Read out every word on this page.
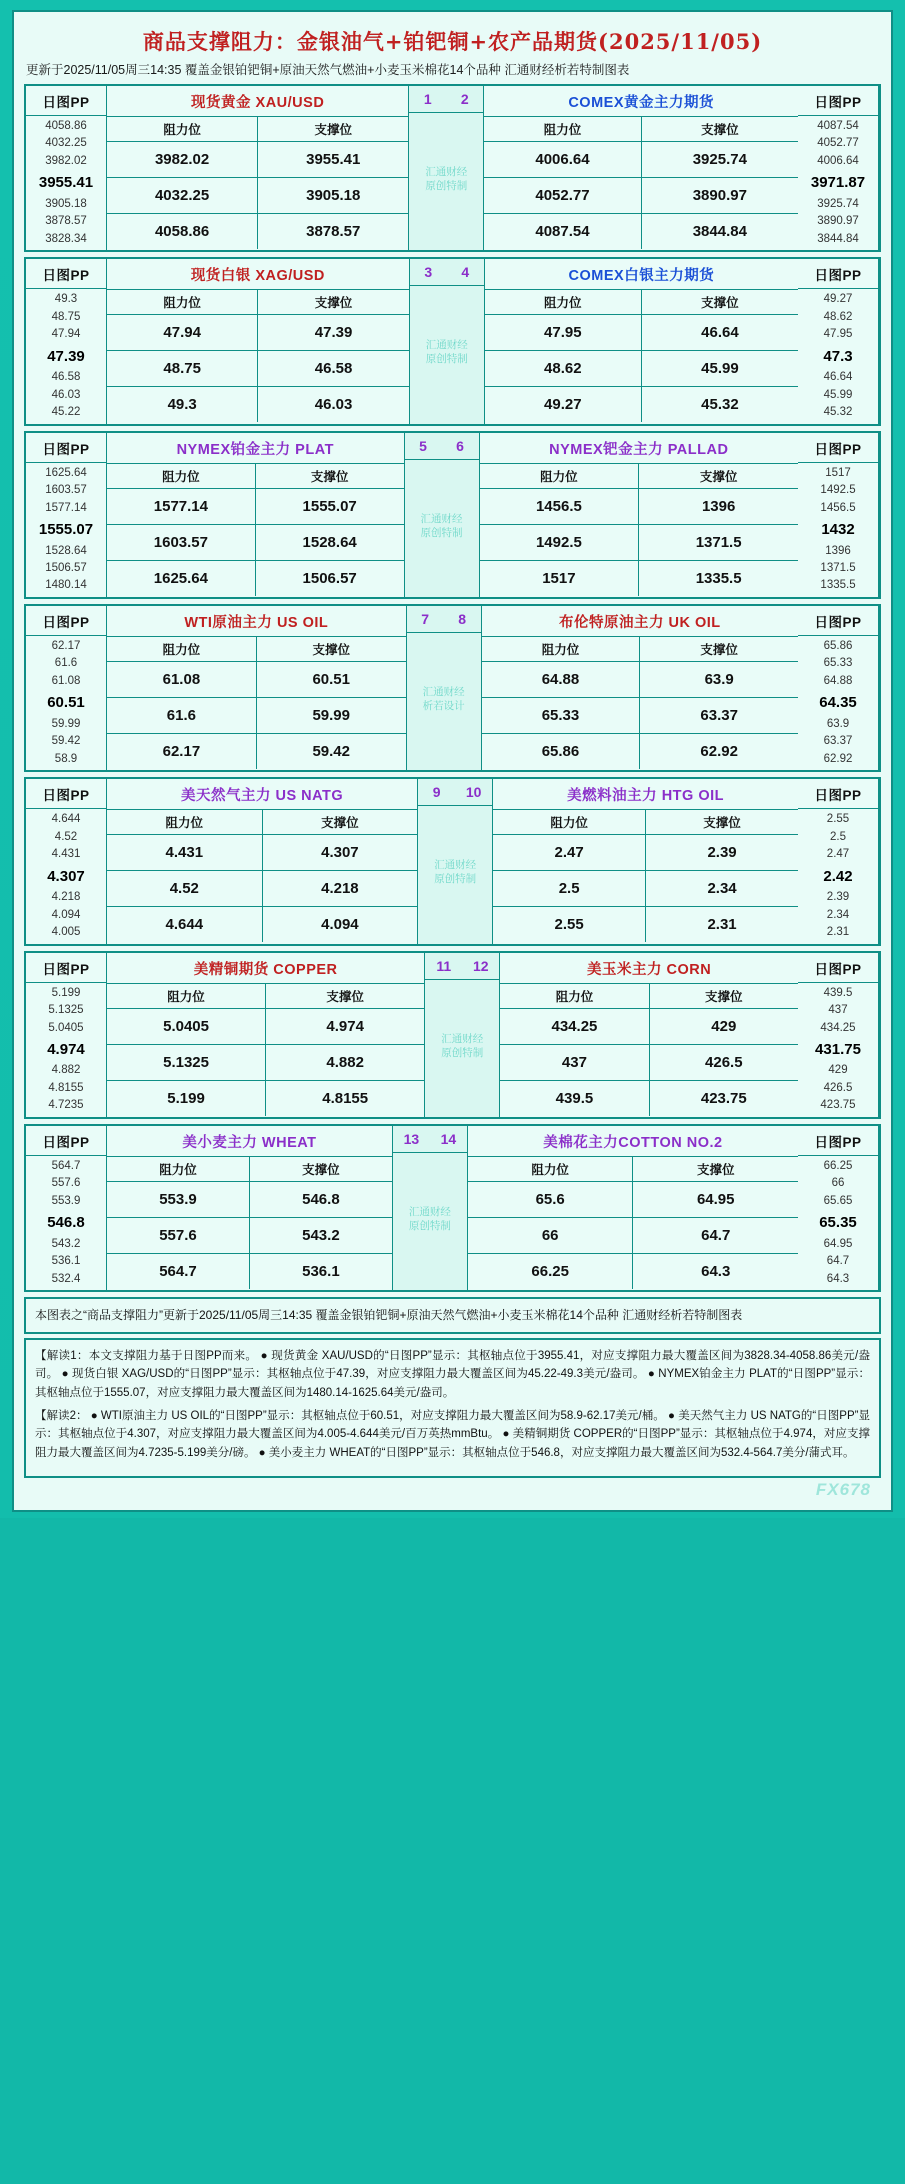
商品支撑阻力：金银油气+铂钯铜+农产品期货(2025/11/05)
更新于2025/11/05周三14:35 覆盖金银铂钯铜+原油天然气燃油+小麦玉米棉花14个品种 汇通财经析若特制图表
日图PP
4058.86
4032.25
3982.02
3955.41
3905.18
3878.57
3828.34
现货黄金 XAU/USD
阻力位	支撑位
3982.02	3955.41
4032.25	3905.18
4058.86	3878.57
1	2
汇通财经
原创特制
COMEX黄金主力期货
阻力位	支撑位
4006.64	3925.74
4052.77	3890.97
4087.54	3844.84
日图PP
4087.54
4052.77
4006.64
3971.87
3925.74
3890.97
3844.84
日图PP
49.3
48.75
47.94
47.39
46.58
46.03
45.22
现货白银 XAG/USD
阻力位	支撑位
47.94	47.39
48.75	46.58
49.3	46.03
3	4
汇通财经
原创特制
COMEX白银主力期货
阻力位	支撑位
47.95	46.64
48.62	45.99
49.27	45.32
日图PP
49.27
48.62
47.95
47.3
46.64
45.99
45.32
日图PP
1625.64
1603.57
1577.14
1555.07
1528.64
1506.57
1480.14
NYMEX铂金主力 PLAT
阻力位	支撑位
1577.14	1555.07
1603.57	1528.64
1625.64	1506.57
5	6
汇通财经
原创特制
NYMEX钯金主力 PALLAD
阻力位	支撑位
1456.5	1396
1492.5	1371.5
1517	1335.5
日图PP
1517
1492.5
1456.5
1432
1396
1371.5
1335.5
日图PP
62.17
61.6
61.08
60.51
59.99
59.42
58.9
WTI原油主力 US OIL
阻力位	支撑位
61.08	60.51
61.6	59.99
62.17	59.42
7	8
汇通财经
析若设计
布伦特原油主力 UK OIL
阻力位	支撑位
64.88	63.9
65.33	63.37
65.86	62.92
日图PP
65.86
65.33
64.88
64.35
63.9
63.37
62.92
日图PP
4.644
4.52
4.431
4.307
4.218
4.094
4.005
美天然气主力 US NATG
阻力位	支撑位
4.431	4.307
4.52	4.218
4.644	4.094
9	10
汇通财经
原创特制
美燃料油主力 HTG OIL
阻力位	支撑位
2.47	2.39
2.5	2.34
2.55	2.31
日图PP
2.55
2.5
2.47
2.42
2.39
2.34
2.31
日图PP
5.199
5.1325
5.0405
4.974
4.882
4.8155
4.7235
美精铜期货 COPPER
阻力位	支撑位
5.0405	4.974
5.1325	4.882
5.199	4.8155
11	12
汇通财经
原创特制
美玉米主力 CORN
阻力位	支撑位
434.25	429
437	426.5
439.5	423.75
日图PP
439.5
437
434.25
431.75
429
426.5
423.75
日图PP
564.7
557.6
553.9
546.8
543.2
536.1
532.4
美小麦主力 WHEAT
阻力位	支撑位
553.9	546.8
557.6	543.2
564.7	536.1
13	14
汇通财经
原创特制
美棉花主力COTTON NO.2
阻力位	支撑位
65.6	64.95
66	64.7
66.25	64.3
日图PP
66.25
66
65.65
65.35
64.95
64.7
64.3
本图表之“商品支撑阻力”更新于2025/11/05周三14:35 覆盖金银铂钯铜+原油天然气燃油+小麦玉米棉花14个品种 汇通财经析若特制图表

【解读1：本文支撑阻力基于日图PP而来。 ● 现货黄金 XAU/USD的“日图PP”显示：其枢轴点位于3955.41，对应支撑阻力最大覆盖区间为3828.34-4058.86美元/盎司。 ● 现货白银 XAG/USD的“日图PP”显示：其枢轴点位于47.39，对应支撑阻力最大覆盖区间为45.22-49.3美元/盎司。 ● NYMEX铂金主力 PLAT的“日图PP”显示：其枢轴点位于1555.07，对应支撑阻力最大覆盖区间为1480.14-1625.64美元/盎司。

【解读2： ● WTI原油主力 US OIL的“日图PP”显示：其枢轴点位于60.51，对应支撑阻力最大覆盖区间为58.9-62.17美元/桶。 ● 美天然气主力 US NATG的“日图PP”显示：其枢轴点位于4.307，对应支撑阻力最大覆盖区间为4.005-4.644美元/百万英热mmBtu。 ● 美精铜期货 COPPER的“日图PP”显示：其枢轴点位于4.974，对应支撑阻力最大覆盖区间为4.7235-5.199美分/磅。 ● 美小麦主力 WHEAT的“日图PP”显示：其枢轴点位于546.8，对应支撑阻力最大覆盖区间为532.4-564.7美分/蒲式耳。

FX678
